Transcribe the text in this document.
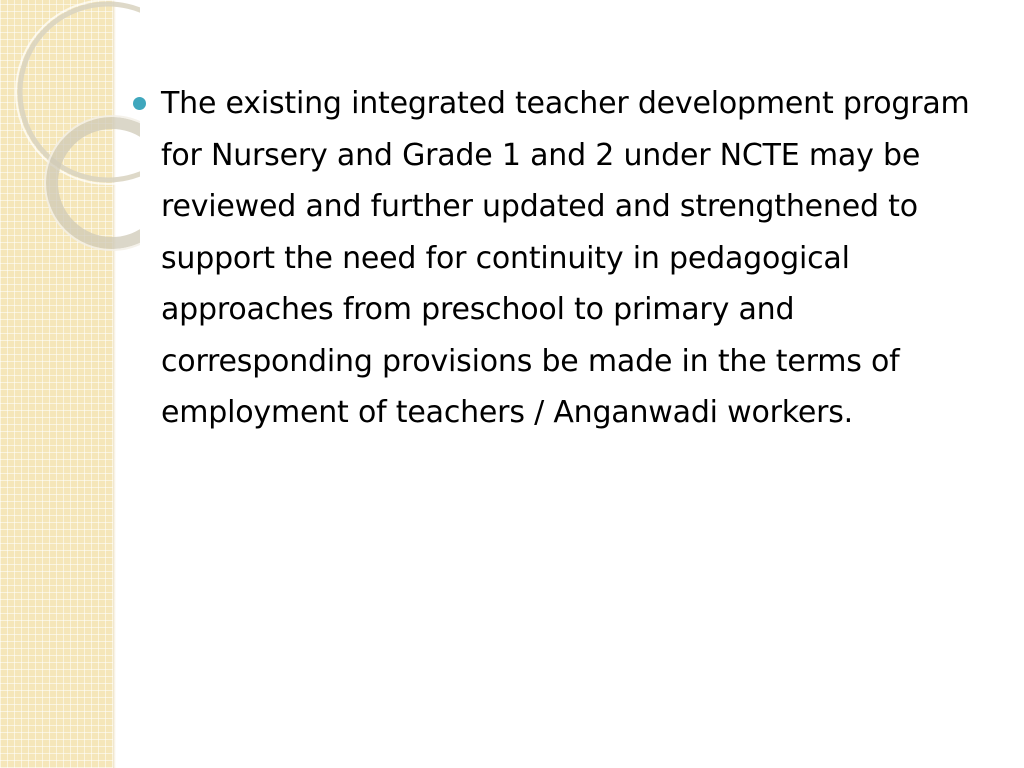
The existing integrated teacher development program for Nursery and Grade 1 and 2 under NCTE may be reviewed and further updated and strengthened to support the need for continuity in pedagogical approaches from preschool to primary and corresponding provisions be made in the terms of employment of teachers / Anganwadi workers.
